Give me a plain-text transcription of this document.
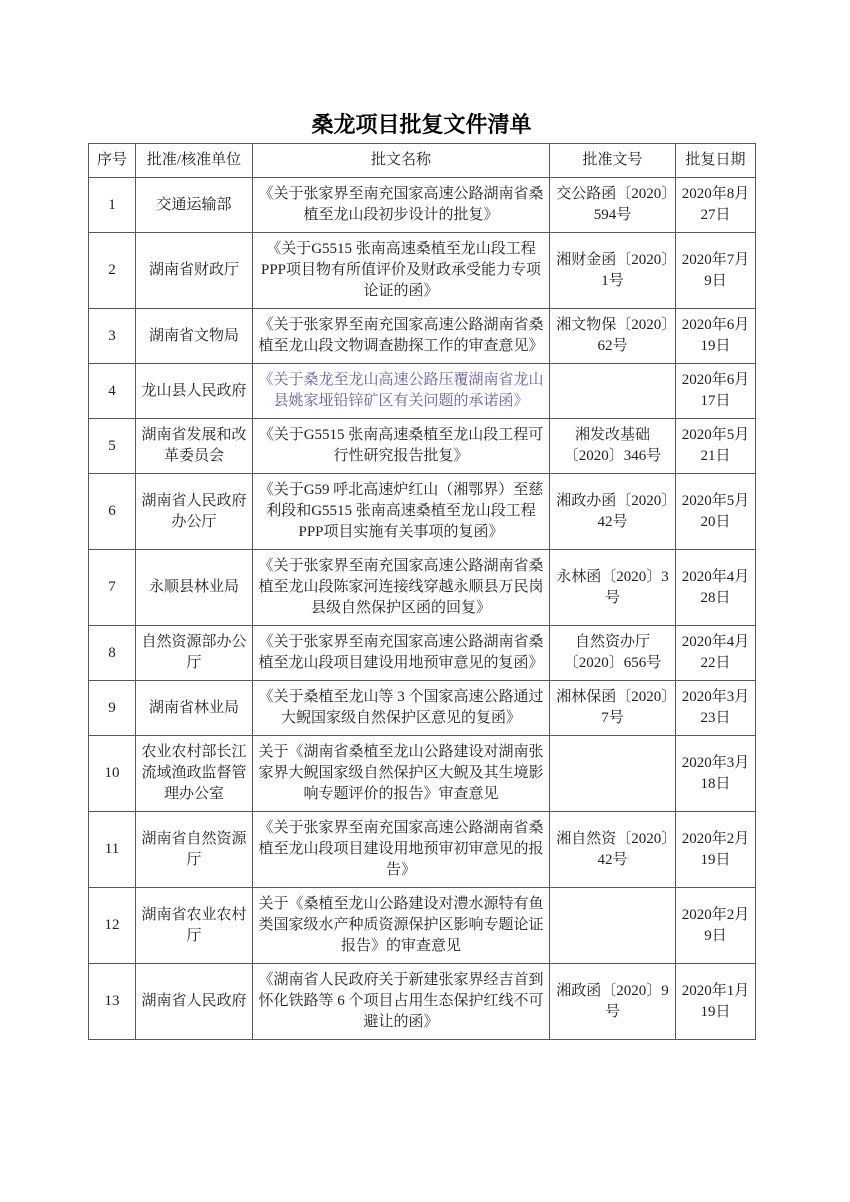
桑龙项目批复文件清单
序号	批准/核准单位	批文名称	批准文号	批复日期
1	交通运输部	《关于张家界至南充国家高速公路湖南省桑植至龙山段初步设计的批复》	交公路函〔2020〕594号	2020年8月27日
2	湖南省财政厅	《关于G5515 张南高速桑植至龙山段工程PPP项目物有所值评价及财政承受能力专项论证的函》	湘财金函〔2020〕1号	2020年7月9日
3	湖南省文物局	《关于张家界至南充国家高速公路湖南省桑植至龙山段文物调查勘探工作的审查意见》	湘文物保〔2020〕62号	2020年6月19日
4	龙山县人民政府	《关于桑龙至龙山高速公路压覆湖南省龙山县姚家垭铅锌矿区有关问题的承诺函》		2020年6月17日
5	湖南省发展和改革委员会	《关于G5515 张南高速桑植至龙山段工程可行性研究报告批复》	湘发改基础〔2020〕346号	2020年5月21日
6	湖南省人民政府办公厅	《关于G59 呼北高速炉红山（湘鄂界）至慈利段和G5515 张南高速桑植至龙山段工程PPP项目实施有关事项的复函》	湘政办函〔2020〕42号	2020年5月20日
7	永顺县林业局	《关于张家界至南充国家高速公路湖南省桑植至龙山段陈家河连接线穿越永顺县万民岗县级自然保护区函的回复》	永林函〔2020〕3号	2020年4月28日
8	自然资源部办公厅	《关于张家界至南充国家高速公路湖南省桑植至龙山段项目建设用地预审意见的复函》	自然资办厅〔2020〕656号	2020年4月22日
9	湖南省林业局	《关于桑植至龙山等 3 个国家高速公路通过大鲵国家级自然保护区意见的复函》	湘林保函〔2020〕7号	2020年3月23日
10	农业农村部长江流域渔政监督管理办公室	关于《湖南省桑植至龙山公路建设对湖南张家界大鲵国家级自然保护区大鲵及其生境影响专题评价的报告》审查意见		2020年3月18日
11	湖南省自然资源厅	《关于张家界至南充国家高速公路湖南省桑植至龙山段项目建设用地预审初审意见的报告》	湘自然资〔2020〕42号	2020年2月19日
12	湖南省农业农村厅	关于《桑植至龙山公路建设对澧水源特有鱼类国家级水产种质资源保护区影响专题论证报告》的审查意见		2020年2月9日
13	湖南省人民政府	《湖南省人民政府关于新建张家界经吉首到怀化铁路等 6 个项目占用生态保护红线不可避让的函》	湘政函〔2020〕9号	2020年1月19日
